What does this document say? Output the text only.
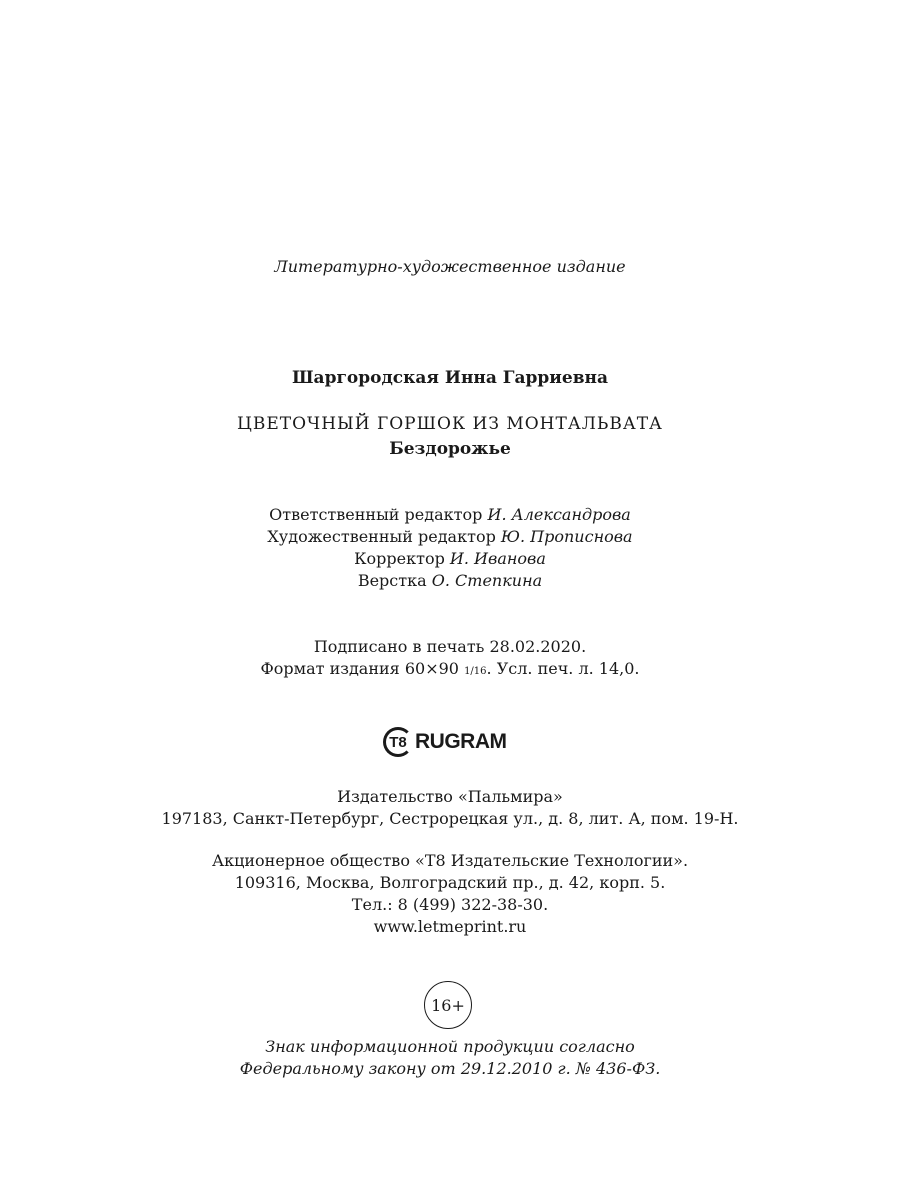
Литературно-художественное издание
Шаргородская Инна Гарриевна
ЦВЕТОЧНЫЙ ГОРШОК ИЗ МОНТАЛЬВАТА
Бездорожье
Ответственный редактор И. Александрова
Художественный редактор Ю. Прописнова
Корректор И. Иванова
Верстка О. Степкина
Подписано в печать 28.02.2020.
Формат издания 60×90 1/16. Усл. печ. л. 14,0.
T8 RUGRAM
Издательство «Пальмира»
197183, Санкт-Петербург, Сестрорецкая ул., д. 8, лит. А, пом. 19-Н.
Акционерное общество «Т8 Издательские Технологии».
109316, Москва, Волгоградский пр., д. 42, корп. 5.
Тел.: 8 (499) 322-38-30.
www.letmeprint.ru
16+
Знак информационной продукции согласно
Федеральному закону от 29.12.2010 г. № 436-ФЗ.
